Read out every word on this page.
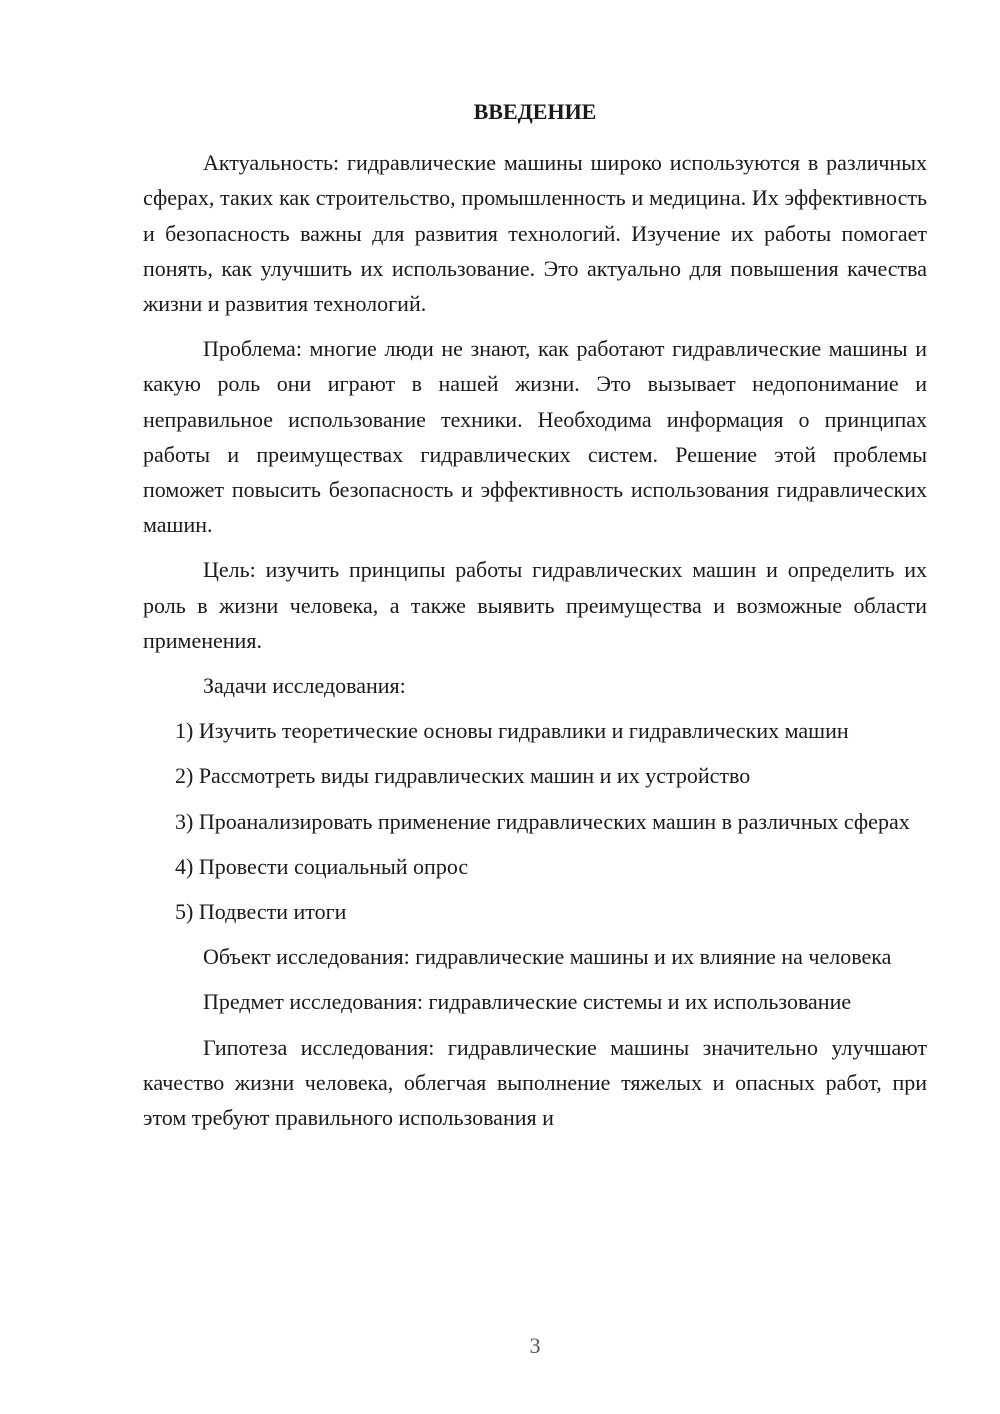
ВВЕДЕНИЕ

Актуальность: гидравлические машины широко используются в различных сферах, таких как строительство, промышленность и медицина. Их эффективность и безопасность важны для развития технологий. Изучение их работы помогает понять, как улучшить их использование. Это актуально для повышения качества жизни и развития технологий.

Проблема: многие люди не знают, как работают гидравлические машины и какую роль они играют в нашей жизни. Это вызывает недопонимание и неправильное использование техники. Необходима информация о принципах работы и преимуществах гидравлических систем. Решение этой проблемы поможет повысить безопасность и эффективность использования гидравлических машин.

Цель: изучить принципы работы гидравлических машин и определить их роль в жизни человека, а также выявить преимущества и возможные области применения.

Задачи исследования:

1) Изучить теоретические основы гидравлики и гидравлических машин

2) Рассмотреть виды гидравлических машин и их устройство

3) Проанализировать применение гидравлических машин в различных сферах

4) Провести социальный опрос

5) Подвести итоги

Объект исследования: гидравлические машины и их влияние на человека

Предмет исследования: гидравлические системы и их использование

Гипотеза исследования: гидравлические машины значительно улучшают качество жизни человека, облегчая выполнение тяжелых и опасных работ, при этом требуют правильного использования и

3
